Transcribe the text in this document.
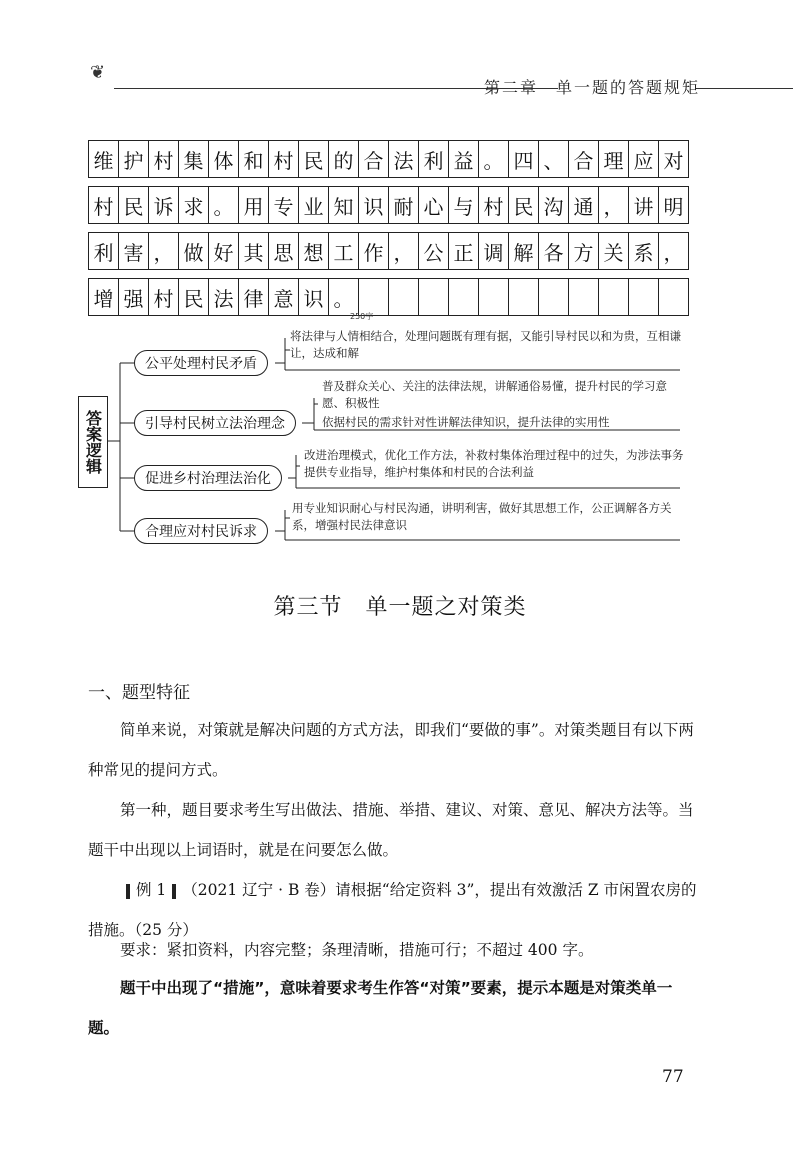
❦
第二章　单一题的答题规矩
维 护 村 集 体 和 村 民 的 合 法 利 益 。 四 、 合 理 应 对
村 民 诉 求 。 用 专 业 知 识 耐 心 与 村 民 沟 通 ， 讲 明
利 害 ， 做 好 其 思 想 工 作 ， 公 正 调 解 各 方 关 系 ，
增 强 村 民 法 律 意 识 。
250字
答案逻辑
公平处理村民矛盾
将法律与人情相结合，处理问题既有理有据，又能引导村民以和为贵，互相谦让，达成和解
引导村民树立法治理念
普及群众关心、关注的法律法规，讲解通俗易懂，提升村民的学习意愿、积极性
依据村民的需求针对性讲解法律知识，提升法律的实用性
促进乡村治理法治化
改进治理模式，优化工作方法，补救村集体治理过程中的过失，为涉法事务提供专业指导，维护村集体和村民的合法利益
合理应对村民诉求
用专业知识耐心与村民沟通，讲明利害，做好其思想工作，公正调解各方关系，增强村民法律意识
第三节　单一题之对策类
一、题型特征
简单来说，对策就是解决问题的方式方法，即我们“要做的事”。对策类题目有以下两种常见的提问方式。
第一种，题目要求考生写出做法、措施、举措、建议、对策、意见、解决方法等。当题干中出现以上词语时，就是在问要怎么做。
例 1 （2021 辽宁 · B 卷）请根据“给定资料 3”，提出有效激活 Z 市闲置农房的措施。（25 分）
要求：紧扣资料，内容完整；条理清晰，措施可行；不超过 400 字。
题干中出现了“措施”，意味着要求考生作答“对策”要素，提示本题是对策类单一题。
77
